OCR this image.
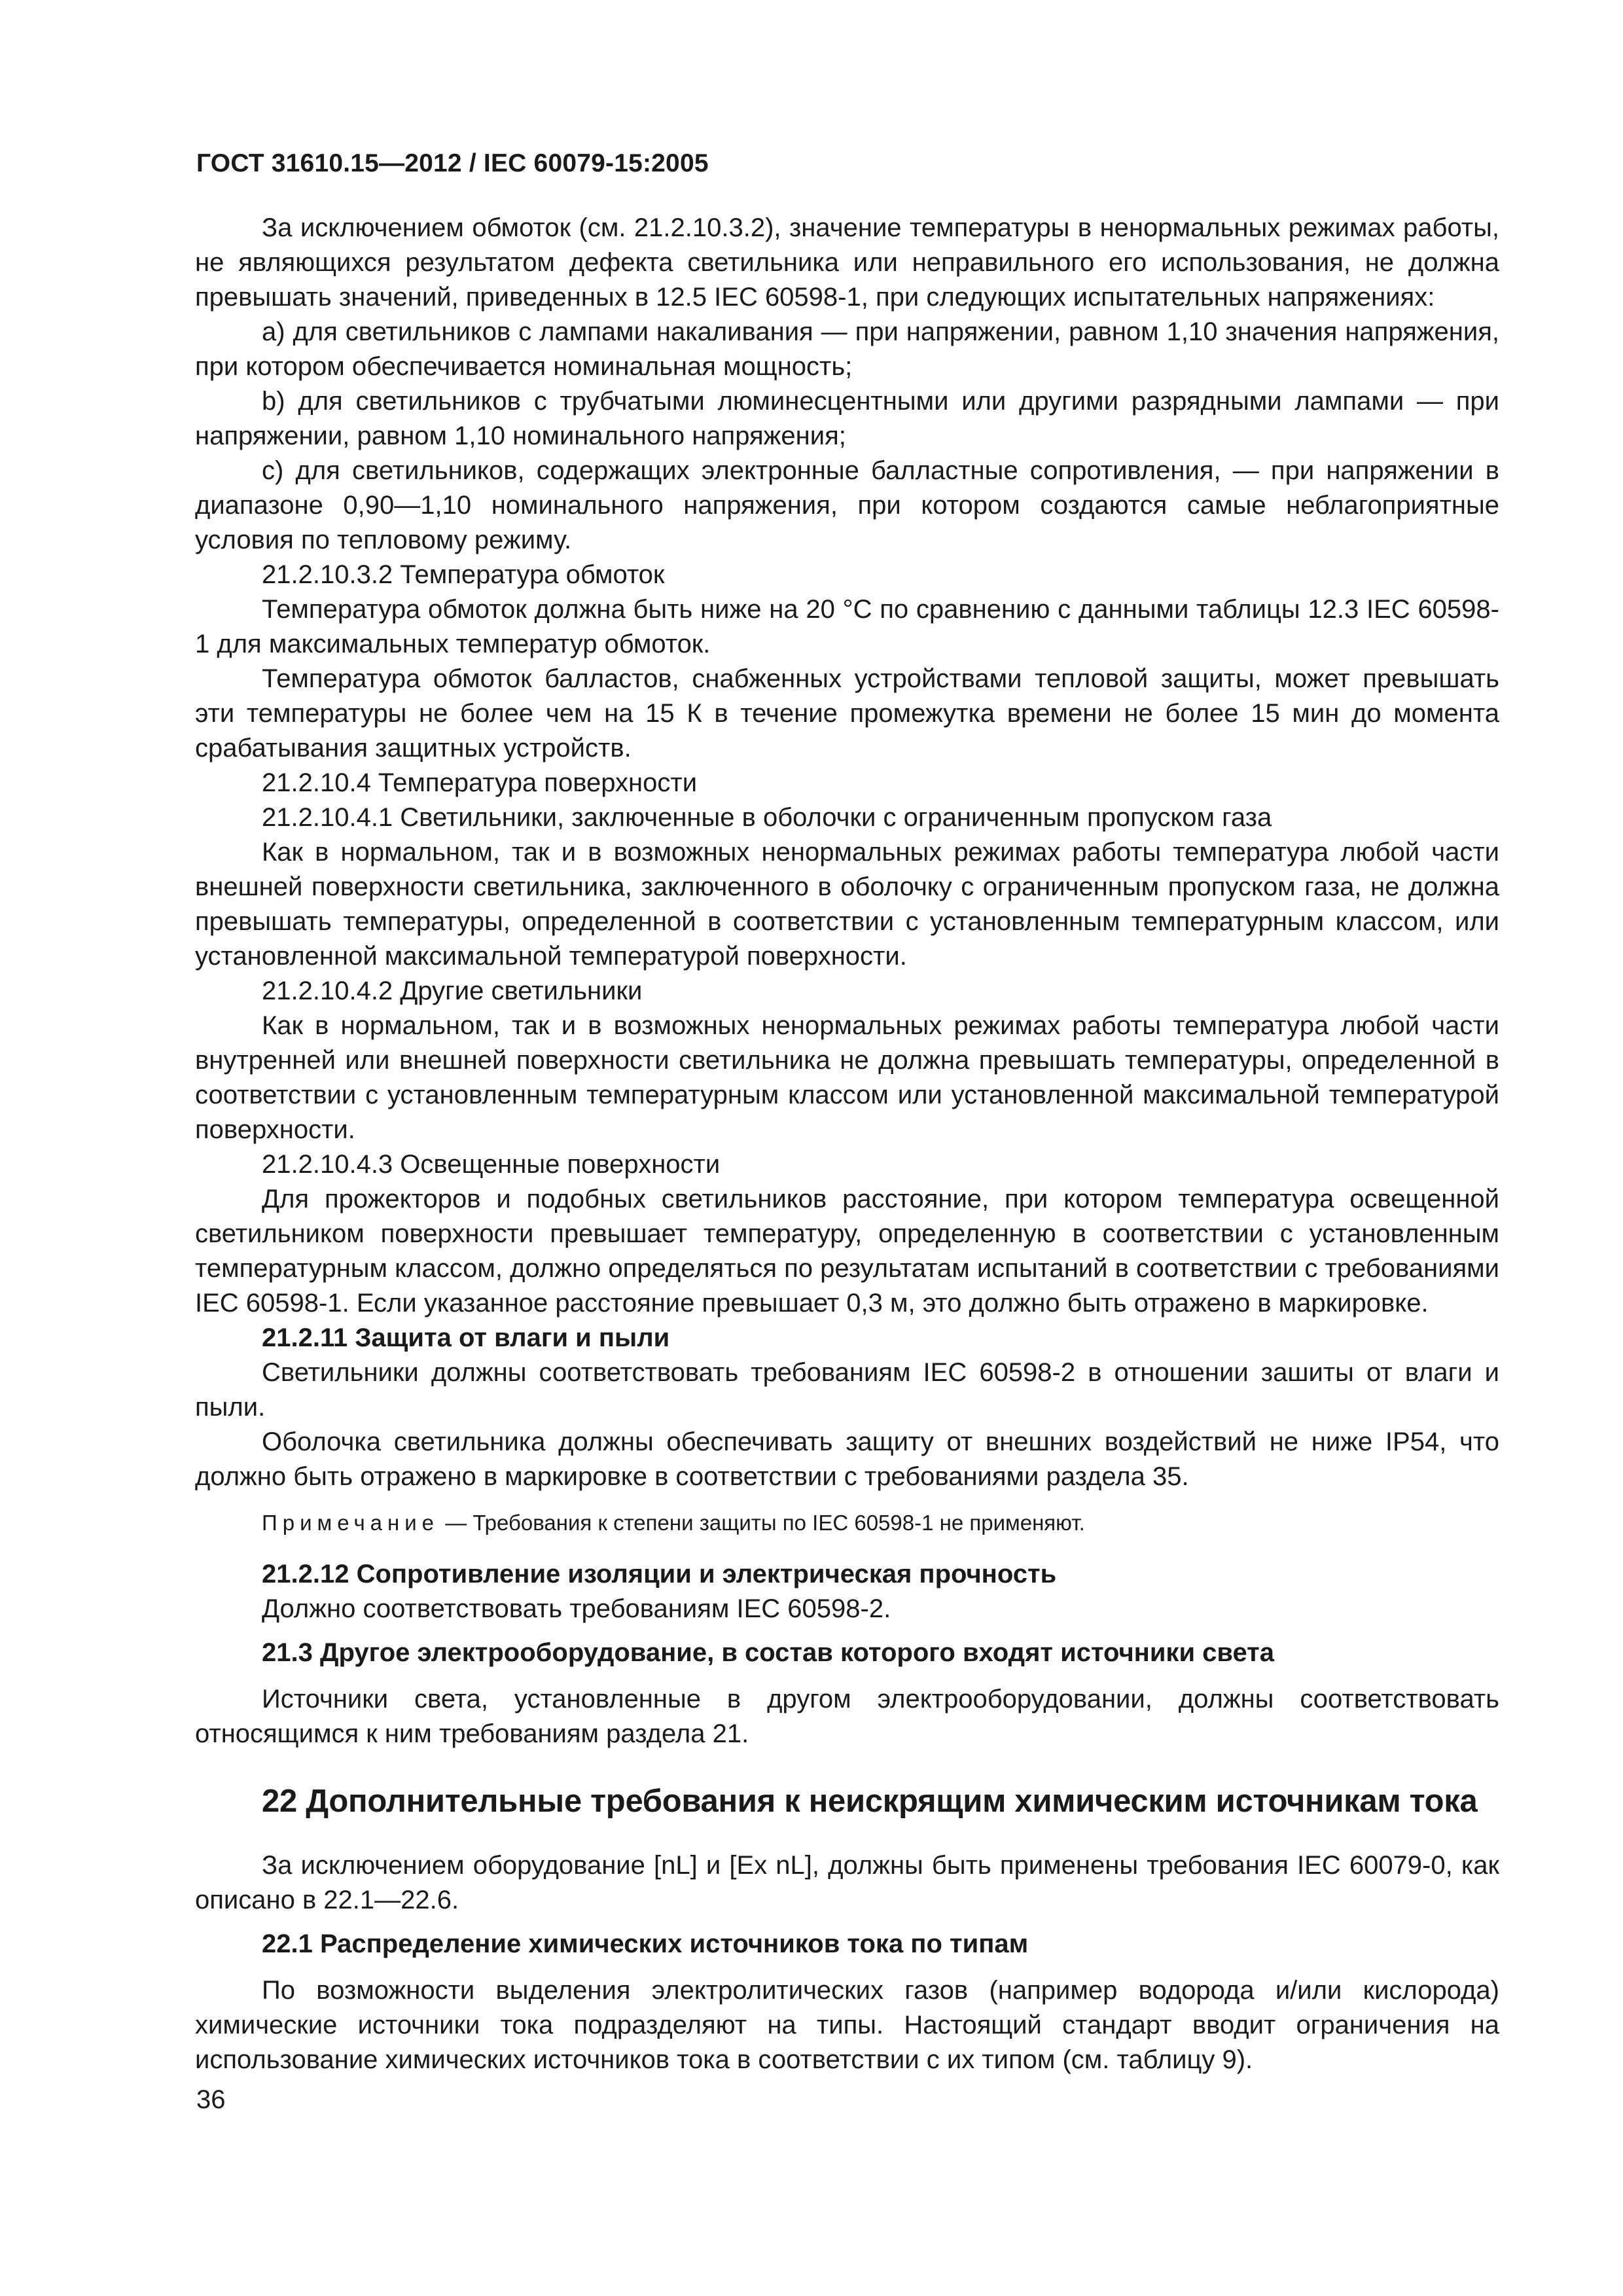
ГОСТ 31610.15—2012 / IEC 60079-15:2005

За исключением обмоток (см. 21.2.10.3.2), значение температуры в ненормальных режимах работы, не являющихся результатом дефекта светильника или неправильного его использования, не должна превышать значений, приведенных в 12.5 IEC 60598-1, при следующих испытательных напряжениях:

а) для светильников с лампами накаливания — при напряжении, равном 1,10 значения напряжения, при котором обеспечивается номинальная мощность;

b) для светильников с трубчатыми люминесцентными или другими разрядными лампами — при напряжении, равном 1,10 номинального напряжения;

с) для светильников, содержащих электронные балластные сопротивления, — при напряжении в диапазоне 0,90—1,10 номинального напряжения, при котором создаются самые неблагоприятные условия по тепловому режиму.

21.2.10.3.2 Температура обмоток

Температура обмоток должна быть ниже на 20 °С по сравнению с данными таблицы 12.3 IEC 60598-1 для максимальных температур обмоток.

Температура обмоток балластов, снабженных устройствами тепловой защиты, может превышать эти температуры не более чем на 15 К в течение промежутка времени не более 15 мин до момента срабатывания защитных устройств.

21.2.10.4 Температура поверхности

21.2.10.4.1 Светильники, заключенные в оболочки с ограниченным пропуском газа

Как в нормальном, так и в возможных ненормальных режимах работы температура любой части внешней поверхности светильника, заключенного в оболочку с ограниченным пропуском газа, не должна превышать температуры, определенной в соответствии с установленным температурным классом, или установленной максимальной температурой поверхности.

21.2.10.4.2 Другие светильники

Как в нормальном, так и в возможных ненормальных режимах работы температура любой части внутренней или внешней поверхности светильника не должна превышать температуры, определенной в соответствии с установленным температурным классом или установленной максимальной температурой поверхности.

21.2.10.4.3 Освещенные поверхности

Для прожекторов и подобных светильников расстояние, при котором температура освещенной светильником поверхности превышает температуру, определенную в соответствии с установленным температурным классом, должно определяться по результатам испытаний в соответствии с требованиями IEC 60598-1. Если указанное расстояние превышает 0,3 м, это должно быть отражено в маркировке.

21.2.11 Защита от влаги и пыли

Светильники должны соответствовать требованиям IEC 60598-2 в отношении зашиты от влаги и пыли.

Оболочка светильника должны обеспечивать защиту от внешних воздействий не ниже IP54, что должно быть отражено в маркировке в соответствии с требованиями раздела 35.

Примечание — Требования к степени защиты по IEC 60598-1 не применяют.

21.2.12 Сопротивление изоляции и электрическая прочность

Должно соответствовать требованиям IEC 60598-2.

21.3 Другое электрооборудование, в состав которого входят источники света

Источники света, установленные в другом электрооборудовании, должны соответствовать относящимся к ним требованиям раздела 21.

22 Дополнительные требования к неискрящим химическим источникам тока

За исключением оборудование [nL] и [Ex nL], должны быть применены требования IEC 60079-0, как описано в 22.1—22.6.

22.1 Распределение химических источников тока по типам

По возможности выделения электролитических газов (например водорода и/или кислорода) химические источники тока подразделяют на типы. Настоящий стандарт вводит ограничения на использование химических источников тока в соответствии с их типом (см. таблицу 9).

36
